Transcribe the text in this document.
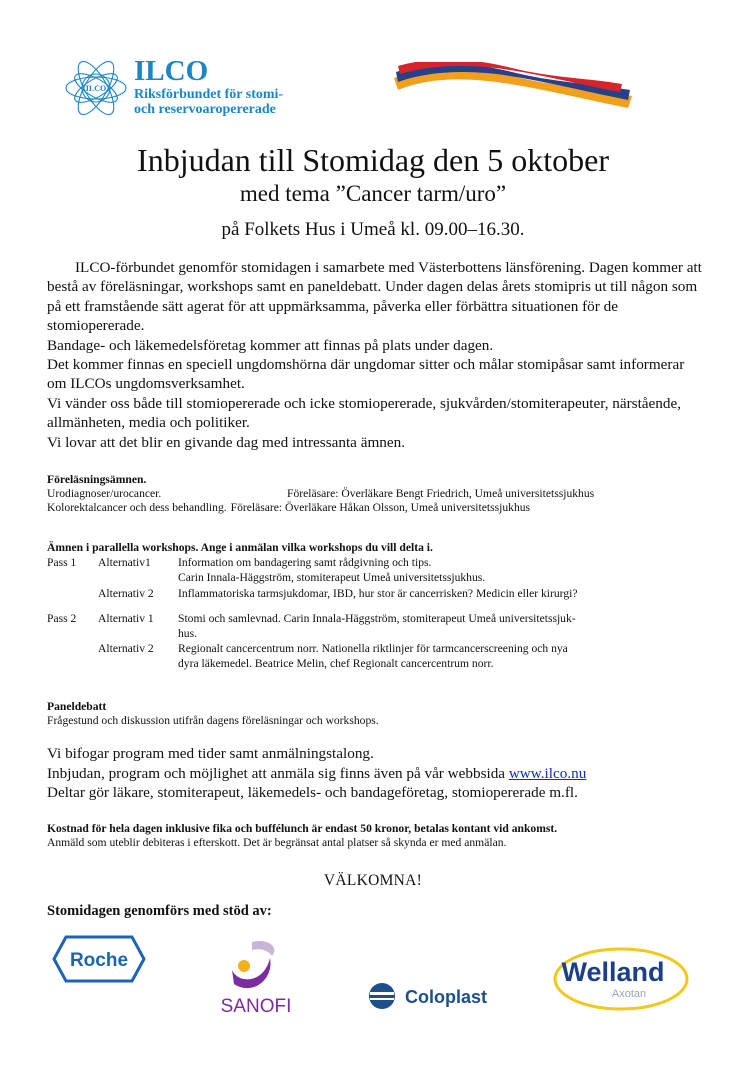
ILCO
ILCO
Riksförbundet för stomi-
och reservoaropererade
Inbjudan till Stomidag den 5 oktober
med tema ”Cancer tarm/uro”
på Folkets Hus i Umeå kl. 09.00–16.30.

ILCO-förbundet genomför stomidagen i samarbete med Västerbottens länsförening. Dagen kommer att bestå av föreläsningar, workshops samt en paneldebatt. Under dagen delas årets stomipris ut till någon som på ett framstående sätt agerat för att uppmärksamma, påverka eller förbättra situationen för de stomiopererade.

Bandage- och läkemedelsföretag kommer att finnas på plats under dagen.

Det kommer finnas en speciell ungdomshörna där ungdomar sitter och målar stomipåsar samt informerar om ILCOs ungdomsverksamhet.

Vi vänder oss både till stomiopererade och icke stomiopererade, sjukvården/stomiterapeuter, närstående, allmänheten, media och politiker.

Vi lovar att det blir en givande dag med intressanta ämnen.

Föreläsningsämnen.
Urodiagnoser/urocancer.	Föreläsare: Överläkare Bengt Friedrich, Umeå universitetssjukhus
Kolorektalcancer och dess behandling. Föreläsare: Överläkare Håkan Olsson, Umeå universitetssjukhus
Ämnen i parallella workshops. Ange i anmälan vilka workshops du vill delta i.
Pass 1 Alternativ1 Information om bandagering samt rådgivning och tips.
Carin Innala-Häggström, stomiterapeut Umeå universitetssjukhus.
Alternativ 2 Inflammatoriska tarmsjukdomar, IBD, hur stor är cancerrisken? Medicin eller kirurgi?
Pass 2 Alternativ 1 Stomi och samlevnad. Carin Innala-Häggström, stomiterapeut Umeå universitetssjuk-
hus.
Alternativ 2 Regionalt cancercentrum norr. Nationella riktlinjer för tarmcancerscreening och nya
dyra läkemedel. Beatrice Melin, chef Regionalt cancercentrum norr.
Paneldebatt
Frågestund och diskussion utifrån dagens föreläsningar och workshops.

Vi bifogar program med tider samt anmälningstalong.

Inbjudan, program och möjlighet att anmäla sig finns även på vår webbsida www.ilco.nu

Deltar gör läkare, stomiterapeut, läkemedels- och bandageföretag, stomiopererade m.fl.

Kostnad för hela dagen inklusive fika och buffélunch är endast 50 kronor, betalas kontant vid ankomst.
Anmäld som uteblir debiteras i efterskott. Det är begränsat antal platser så skynda er med anmälan.
VÄLKOMNA!
Stomidagen genomförs med stöd av:
Roche
SANOFI	Coloplast
Welland
Axotan
